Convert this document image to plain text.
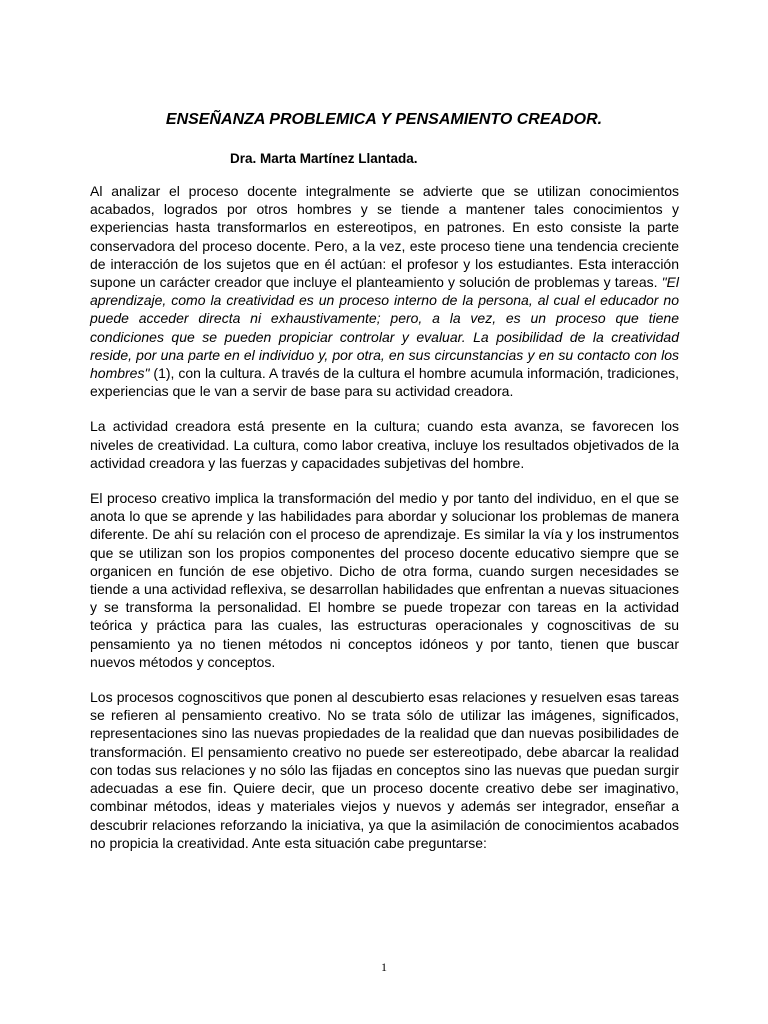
ENSEÑANZA PROBLEMICA Y PENSAMIENTO CREADOR.

Dra. Marta Martínez Llantada.

Al analizar el proceso docente integralmente se advierte que se utilizan conocimientos acabados, logrados por otros hombres y se tiende a mantener tales conocimientos y experiencias hasta transformarlos en estereotipos, en patrones. En esto consiste la parte conservadora del proceso docente. Pero, a la vez, este proceso tiene una tendencia creciente de interacción de los sujetos que en él actúan: el profesor y los estudiantes. Esta interacción supone un carácter creador que incluye el planteamiento y solución de problemas y tareas. "El aprendizaje, como la creatividad es un proceso interno de la persona, al cual el educador no puede acceder directa ni exhaustivamente; pero, a la vez, es un proceso que tiene condiciones que se pueden propiciar controlar y evaluar. La posibilidad de la creatividad reside, por una parte en el individuo y, por otra, en sus circunstancias y en su contacto con los hombres" (1), con la cultura. A través de la cultura el hombre acumula información, tradiciones, experiencias que le van a servir de base para su actividad creadora.

La actividad creadora está presente en la cultura; cuando esta avanza, se favorecen los niveles de creatividad. La cultura, como labor creativa, incluye los resultados objetivados de la actividad creadora y las fuerzas y capacidades subjetivas del hombre.

El proceso creativo implica la transformación del medio y por tanto del individuo, en el que se anota lo que se aprende y las habilidades para abordar y solucionar los problemas de manera diferente. De ahí su relación con el proceso de aprendizaje. Es similar la vía y los instrumentos que se utilizan son los propios componentes del proceso docente educativo siempre que se organicen en función de ese objetivo. Dicho de otra forma, cuando surgen necesidades se tiende a una actividad reflexiva, se desarrollan habilidades que enfrentan a nuevas situaciones y se transforma la personalidad. El hombre se puede tropezar con tareas en la actividad teórica y práctica para las cuales, las estructuras operacionales y cognoscitivas de su pensamiento ya no tienen métodos ni conceptos idóneos y por tanto, tienen que buscar nuevos métodos y conceptos.

Los procesos cognoscitivos que ponen al descubierto esas relaciones y resuelven esas tareas se refieren al pensamiento creativo. No se trata sólo de utilizar las imágenes, significados, representaciones sino las nuevas propiedades de la realidad que dan nuevas posibilidades de transformación. El pensamiento creativo no puede ser estereotipado, debe abarcar la realidad con todas sus relaciones y no sólo las fijadas en conceptos sino las nuevas que puedan surgir adecuadas a ese fin. Quiere decir, que un proceso docente creativo debe ser imaginativo, combinar métodos, ideas y materiales viejos y nuevos y además ser integrador, enseñar a descubrir relaciones reforzando la iniciativa, ya que la asimilación de conocimientos acabados no propicia la creatividad. Ante esta situación cabe preguntarse:

1
